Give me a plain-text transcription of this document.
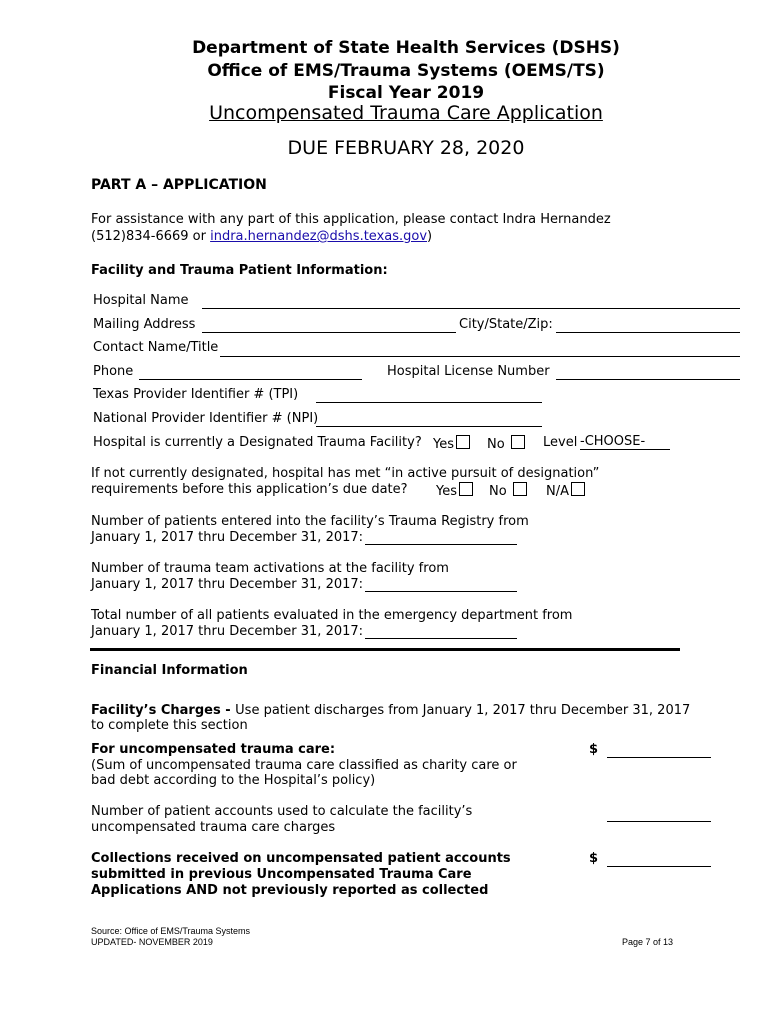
Department of State Health Services (DSHS)
Office of EMS/Trauma Systems (OEMS/TS)
Fiscal Year 2019
Uncompensated Trauma Care Application
DUE FEBRUARY 28, 2020
PART A – APPLICATION
For assistance with any part of this application, please contact Indra Hernandez
(512)834-6669 or indra.hernandez@dshs.texas.gov)
Facility and Trauma Patient Information:
Hospital Name
Mailing Address	City/State/Zip:
Contact Name/Title
Phone	Hospital License Number
Texas Provider Identifier # (TPI)
National Provider Identifier # (NPI)
Hospital is currently a Designated Trauma Facility? Yes	No	Level -CHOOSE-
If not currently designated, hospital has met “in active pursuit of designation”
requirements before this application’s due date? Yes	No	N/A
Number of patients entered into the facility’s Trauma Registry from
January 1, 2017 thru December 31, 2017:
Number of trauma team activations at the facility from
January 1, 2017 thru December 31, 2017:
Total number of all patients evaluated in the emergency department from
January 1, 2017 thru December 31, 2017:
Financial Information
Facility’s Charges - Use patient discharges from January 1, 2017 thru December 31, 2017
to complete this section
For uncompensated trauma care:
(Sum of uncompensated trauma care classified as charity care or
bad debt according to the Hospital’s policy)
$
Number of patient accounts used to calculate the facility’s
uncompensated trauma care charges
Collections received on uncompensated patient accounts
submitted in previous Uncompensated Trauma Care
Applications AND not previously reported as collected
$
Source: Office of EMS/Trauma Systems
UPDATED- NOVEMBER 2019	Page 7 of 13
